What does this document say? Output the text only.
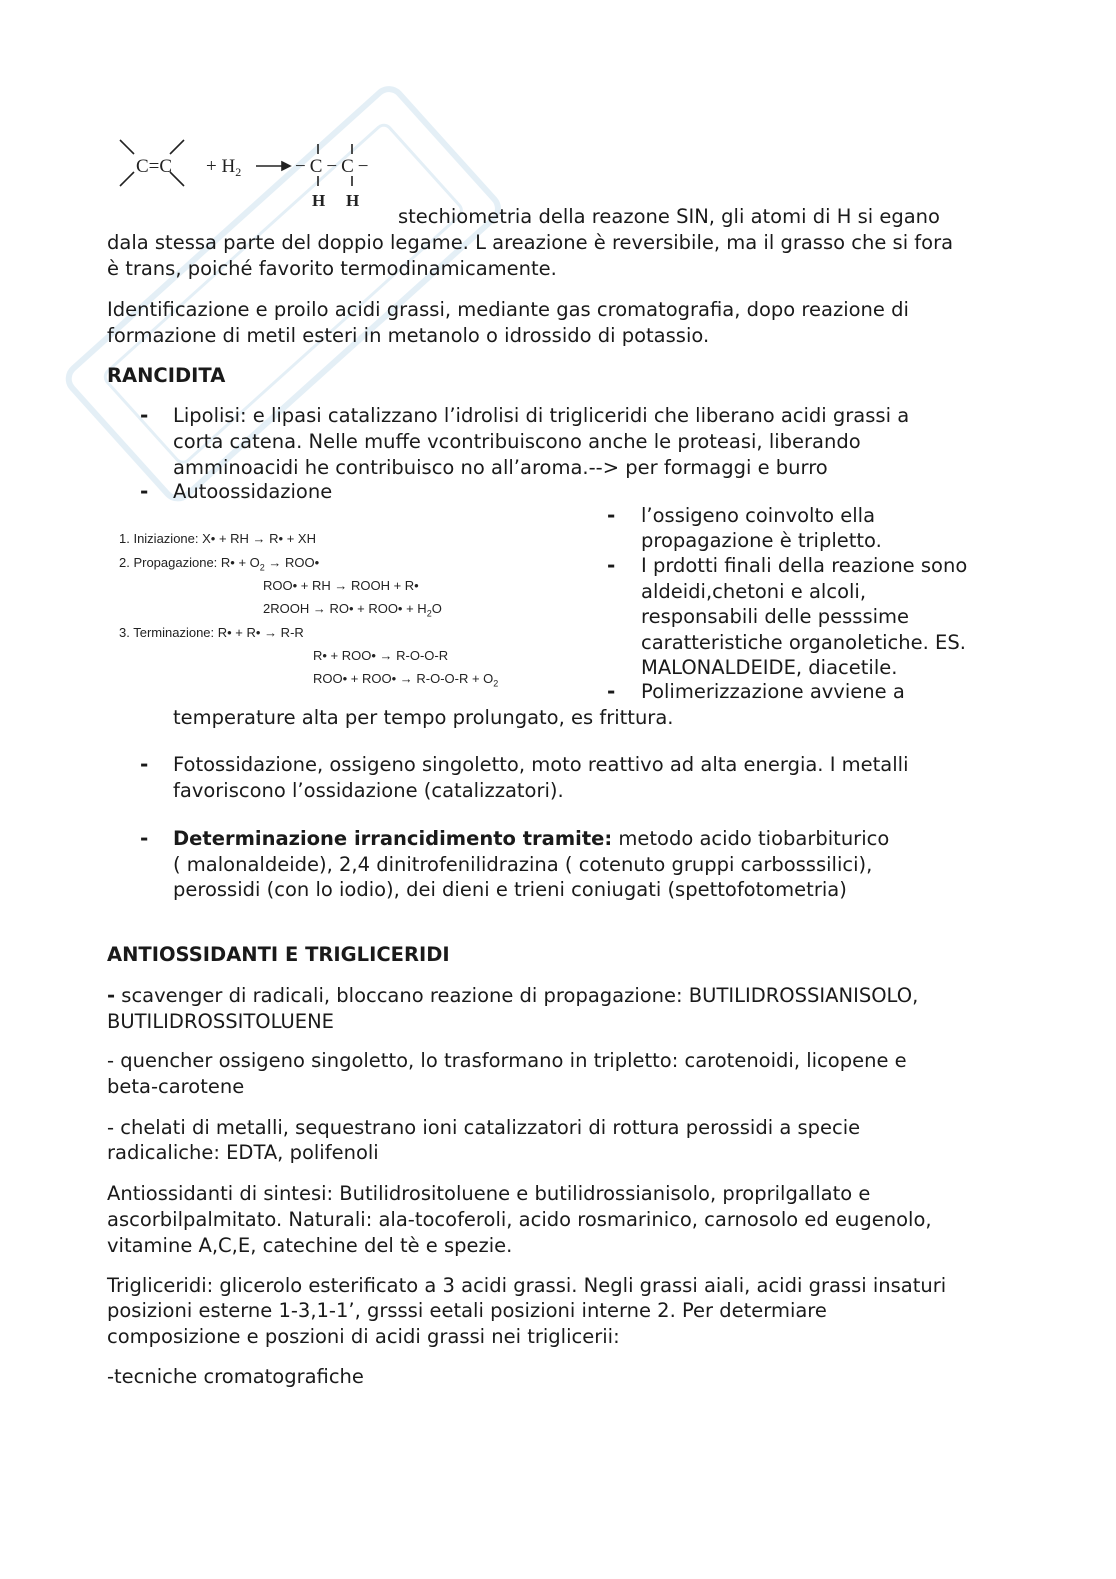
$C=C + H_2$	−C−C−
H H
stechiometria della reazone SIN, gli atomi di H si egano
dala stessa parte del doppio legame. L areazione è reversibile, ma il grasso che si fora
è trans, poiché favorito termodinamicamente.
Identificazione e proilo acidi grassi, mediante gas cromatografia, dopo reazione di
formazione di metil esteri in metanolo o idrossido di potassio.
RANCIDITA
- Lipolisi: e lipasi catalizzano l’idrolisi di trigliceridi che liberano acidi grassi a
corta catena. Nelle muffe vcontribuiscono anche le proteasi, liberando
amminoacidi he contribuisco no all’aroma.--> per formaggi e burro
- Autoossidazione
1. Iniziazione: X• + RH → R• + XH
2. Propagazione: R• + $O_2$ → ROO•
ROO• + RH → ROOH + R•
2ROOH → RO• + ROO• + $H_2O$
3. Terminazione: R• + R• → R-R
R• + ROO• → R-O-O-R
ROO• + ROO• → $R-O-O-R + O_2$
- l’ossigeno coinvolto ella
propagazione è tripletto.
- I prdotti finali della reazione sono
aldeidi,chetoni e alcoli,
responsabili delle pesssime
caratteristiche organoletiche. ES.
MALONALDEIDE, diacetile.
- Polimerizzazione avviene a
temperature alta per tempo prolungato, es frittura.
- Fotossidazione, ossigeno singoletto, moto reattivo ad alta energia. I metalli
favoriscono l’ossidazione (catalizzatori).
- Determinazione irrancidimento tramite: metodo acido tiobarbiturico
( malonaldeide), 2,4 dinitrofenilidrazina ( cotenuto gruppi carbosssilici),
perossidi (con lo iodio), dei dieni e trieni coniugati (spettofotometria)
ANTIOSSIDANTI E TRIGLICERIDI
- scavenger di radicali, bloccano reazione di propagazione: BUTILIDROSSIANISOLO,
BUTILIDROSSITOLUENE
- quencher ossigeno singoletto, lo trasformano in tripletto: carotenoidi, licopene e
beta-carotene
- chelati di metalli, sequestrano ioni catalizzatori di rottura perossidi a specie
radicaliche: EDTA, polifenoli
Antiossidanti di sintesi: Butilidrositoluene e butilidrossianisolo, proprilgallato e
ascorbilpalmitato. Naturali: ala-tocoferoli, acido rosmarinico, carnosolo ed eugenolo,
vitamine A,C,E, catechine del tè e spezie.
Trigliceridi: glicerolo esterificato a 3 acidi grassi. Negli grassi aiali, acidi grassi insaturi
posizioni esterne 1-3,1-1’, grsssi eetali posizioni interne 2. Per determiare
composizione e poszioni di acidi grassi nei triglicerii:
-tecniche cromatografiche
